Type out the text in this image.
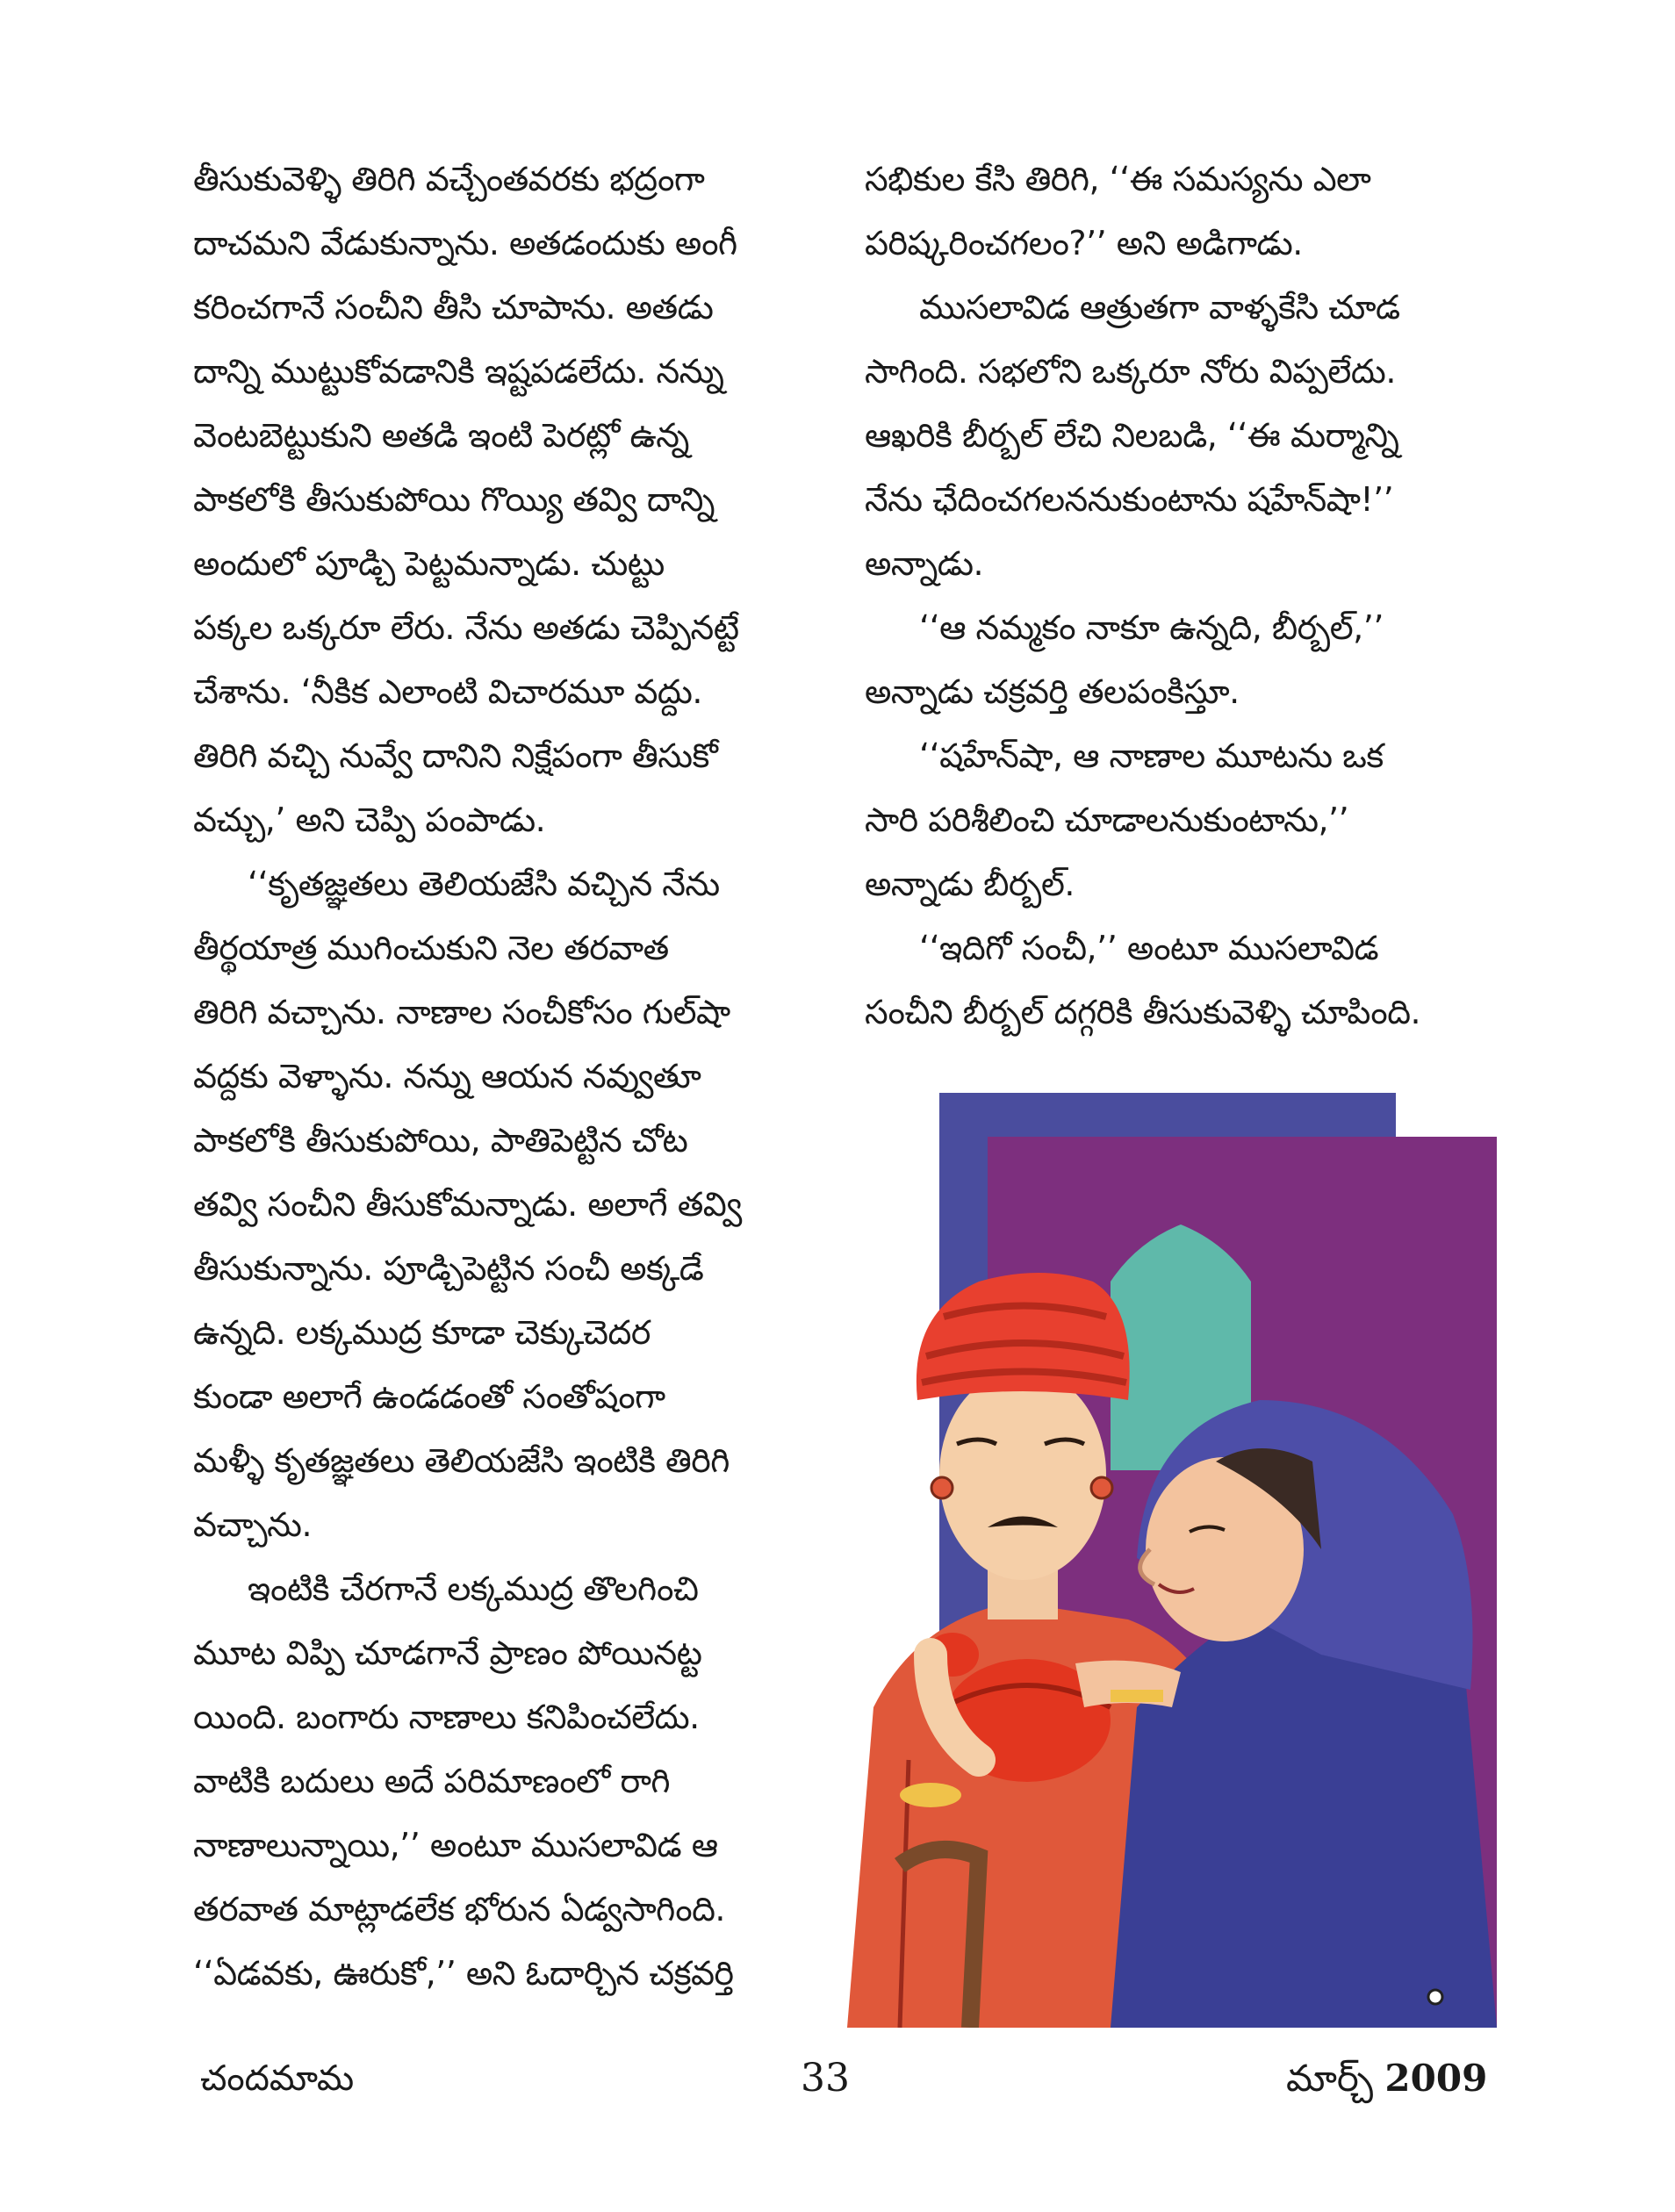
తీసుకువెళ్ళి తిరిగి వచ్చేంతవరకు భద్రంగా
దాచమని వేడుకున్నాను. అతడందుకు అంగీ
కరించగానే సంచీని తీసి చూపాను. అతడు
దాన్ని ముట్టుకోవడానికి ఇష్టపడలేదు. నన్ను
వెంటబెట్టుకుని అతడి ఇంటి పెరట్లో ఉన్న
పాకలోకి తీసుకుపోయి గొయ్యి తవ్వి దాన్ని
అందులో పూడ్చి పెట్టమన్నాడు. చుట్టు
పక్కల ఒక్కరూ లేరు. నేను అతడు చెప్పినట్టే
చేశాను. ‘నీకిక ఎలాంటి విచారమూ వద్దు.
తిరిగి వచ్చి నువ్వే దానిని నిక్షేపంగా తీసుకో
వచ్చు,’ అని చెప్పి పంపాడు.
‘‘కృతజ్ఞతలు తెలియజేసి వచ్చిన నేను
తీర్థయాత్ర ముగించుకుని నెల తరవాత
తిరిగి వచ్చాను. నాణాల సంచీకోసం గుల్‌షా
వద్దకు వెళ్ళాను. నన్ను ఆయన నవ్వుతూ
పాకలోకి తీసుకుపోయి, పాతిపెట్టిన చోట
తవ్వి సంచీని తీసుకోమన్నాడు. అలాగే తవ్వి
తీసుకున్నాను. పూడ్చిపెట్టిన సంచీ అక్కడే
ఉన్నది. లక్కముద్ర కూడా చెక్కుచెదర
కుండా అలాగే ఉండడంతో సంతోషంగా
మళ్ళీ కృతజ్ఞతలు తెలియజేసి ఇంటికి తిరిగి
వచ్చాను.
ఇంటికి చేరగానే లక్కముద్ర తొలగించి
మూట విప్పి చూడగానే ప్రాణం పోయినట్ట
యింది. బంగారు నాణాలు కనిపించలేదు.
వాటికి బదులు అదే పరిమాణంలో రాగి
నాణాలున్నాయి,’’ అంటూ ముసలావిడ ఆ
తరవాత మాట్లాడలేక భోరున ఏడ్వసాగింది.
‘‘ఏడవకు, ఊరుకో,’’ అని ఓదార్చిన చక్రవర్తి
సభికుల కేసి తిరిగి, ‘‘ఈ సమస్యను ఎలా
పరిష్కరించగలం?’’ అని అడిగాడు.
ముసలావిడ ఆత్రుతగా వాళ్ళకేసి చూడ
సాగింది. సభలోని ఒక్కరూ నోరు విప్పలేదు.
ఆఖరికి బీర్బల్ లేచి నిలబడి, ‘‘ఈ మర్మాన్ని
నేను ఛేదించగలననుకుంటాను షహేన్‌షా!’’
అన్నాడు.
‘‘ఆ నమ్మకం నాకూ ఉన్నది, బీర్బల్,’’
అన్నాడు చక్రవర్తి తలపంకిస్తూ.
‘‘షహేన్‌షా, ఆ నాణాల మూటను ఒక
సారి పరిశీలించి చూడాలనుకుంటాను,’’
అన్నాడు బీర్బల్.
‘‘ఇదిగో సంచీ,’’ అంటూ ముసలావిడ
సంచీని బీర్బల్ దగ్గరికి తీసుకువెళ్ళి చూపింది.
చందమామ	33	మార్చ్ 2009
